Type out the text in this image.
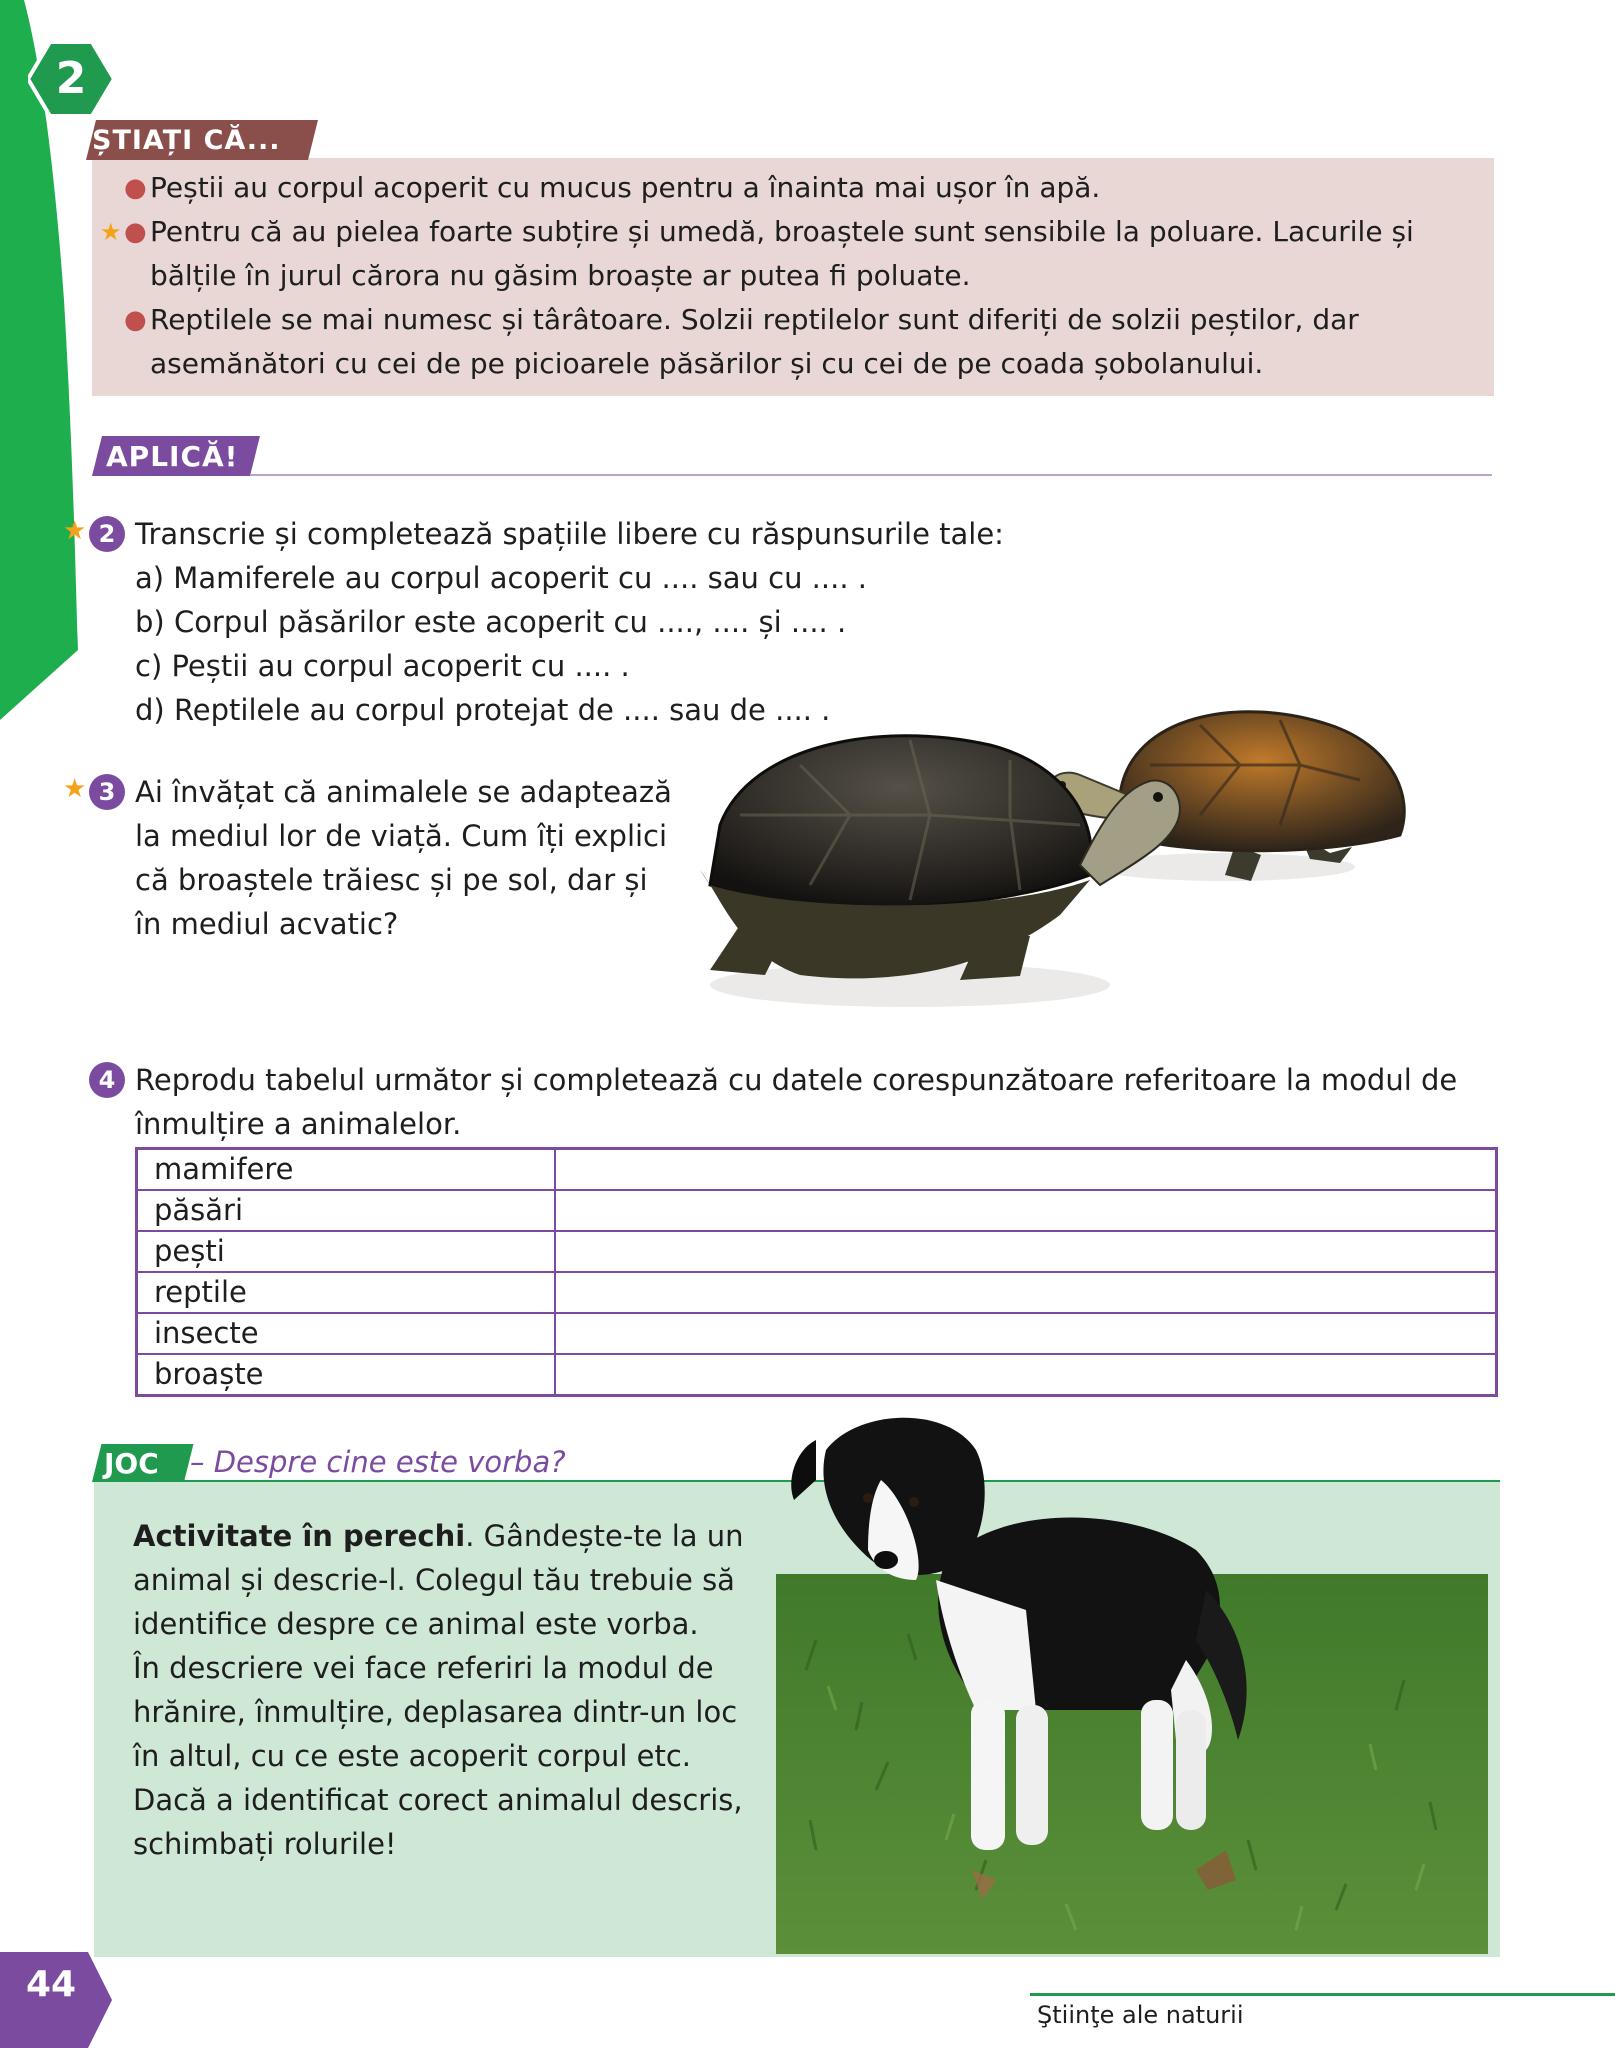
2
ȘTIAȚI CĂ...
● Peștii au corpul acoperit cu mucus pentru a înainta mai ușor în apă.
★ ● Pentru că au pielea foarte subțire și umedă, broaștele sunt sensibile la poluare. Lacurile și
bălțile în jurul cărora nu găsim broaște ar putea fi poluate.
● Reptilele se mai numesc și târâtoare. Solzii reptilelor sunt diferiți de solzii peștilor, dar
asemănători cu cei de pe picioarele păsărilor și cu cei de pe coada șobolanului.
APLICĂ!
★ 2 Transcrie și completează spațiile libere cu răspunsurile tale:
a) Mamiferele au corpul acoperit cu .... sau cu .... .
b) Corpul păsărilor este acoperit cu ...., .... și .... .
c) Peștii au corpul acoperit cu .... .
d) Reptilele au corpul protejat de .... sau de .... .
★ 3 Ai învățat că animalele se adaptează
la mediul lor de viață. Cum îți explici
că broaștele trăiesc și pe sol, dar și
în mediul acvatic?
4 Reprodu tabelul următor și completează cu datele corespunzătoare referitoare la modul de
înmulțire a animalelor.
mamifere	
păsări	
pești	
reptile	
insecte	
broaște	
JOC – Despre cine este vorba?
Activitate în perechi. Gândește-te la un
animal și descrie-l. Colegul tău trebuie să
identifice despre ce animal este vorba.
În descriere vei face referiri la modul de
hrănire, înmulțire, deplasarea dintr-un loc
în altul, cu ce este acoperit corpul etc.
Dacă a identificat corect animalul descris,
schimbați rolurile!
44
Ştiinţe ale naturii
